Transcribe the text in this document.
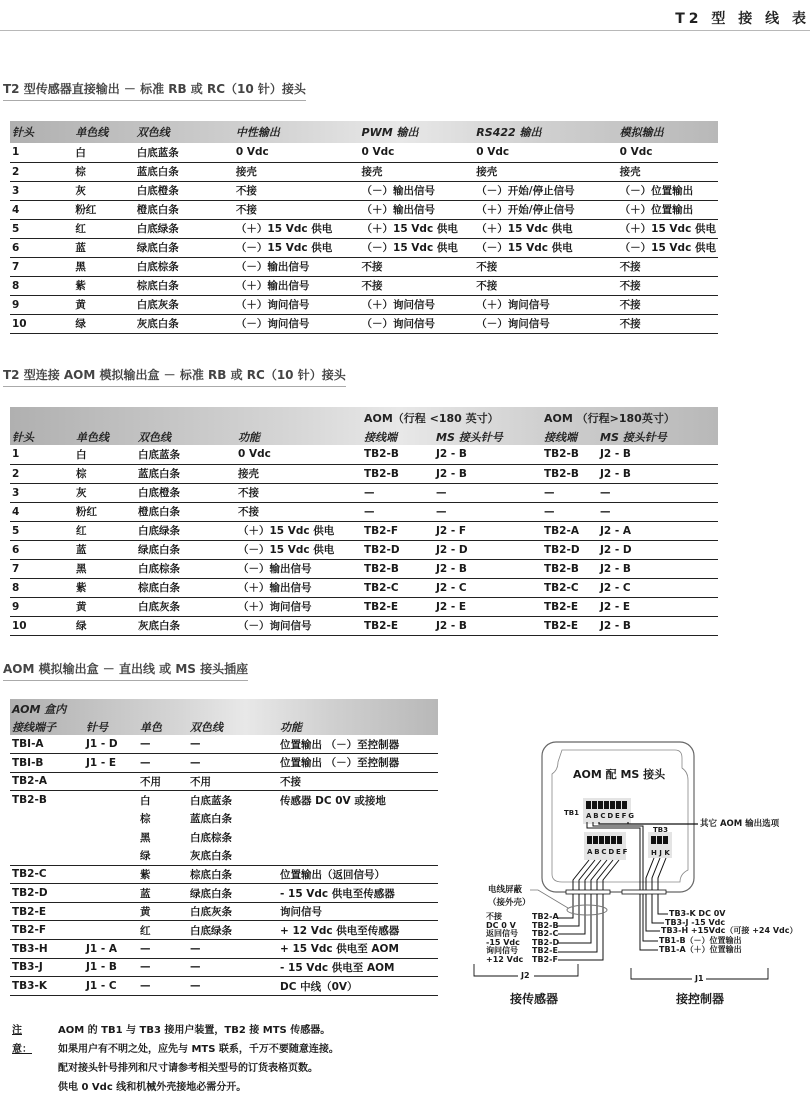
T2 型 接 线 表
T2 型传感器直接输出 － 标准 RB 或 RC（10 针）接头
针头	单色线	双色线	中性输出	PWM 输出	RS422 输出	模拟输出
1	白	白底蓝条	0 Vdc	0 Vdc	0 Vdc	0 Vdc
2	棕	蓝底白条	接壳	接壳	接壳	接壳
3	灰	白底橙条	不接	（－）输出信号	（－）开始/停止信号	（－）位置输出
4	粉红	橙底白条	不接	（＋）输出信号	（＋）开始/停止信号	（＋）位置输出
5	红	白底绿条	（＋）15 Vdc 供电	（＋）15 Vdc 供电	（＋）15 Vdc 供电	（＋）15 Vdc 供电
6	蓝	绿底白条	（－）15 Vdc 供电	（－）15 Vdc 供电	（－）15 Vdc 供电	（－）15 Vdc 供电
7	黑	白底棕条	（－）输出信号	不接	不接	不接
8	紫	棕底白条	（＋）输出信号	不接	不接	不接
9	黄	白底灰条	（＋）询问信号	（＋）询问信号	（＋）询问信号	不接
10	绿	灰底白条	（－）询问信号	（－）询问信号	（－）询问信号	不接
T2 型连接 AOM 模拟输出盒 － 标准 RB 或 RC（10 针）接头
				AOM（行程 <180 英寸）		AOM （行程>180英寸）	
针头	单色线	双色线	功能	接线端	MS 接头针号	接线端	MS 接头针号
1	白	白底蓝条	0 Vdc	TB2-B	J2 - B	TB2-B	J2 - B
2	棕	蓝底白条	接壳	TB2-B	J2 - B	TB2-B	J2 - B
3	灰	白底橙条	不接	—	—	—	—
4	粉红	橙底白条	不接	—	—	—	—
5	红	白底绿条	（＋）15 Vdc 供电	TB2-F	J2 - F	TB2-A	J2 - A
6	蓝	绿底白条	（－）15 Vdc 供电	TB2-D	J2 - D	TB2-D	J2 - D
7	黑	白底棕条	（－）输出信号	TB2-B	J2 - B	TB2-B	J2 - B
8	紫	棕底白条	（＋）输出信号	TB2-C	J2 - C	TB2-C	J2 - C
9	黄	白底灰条	（＋）询问信号	TB2-E	J2 - E	TB2-E	J2 - E
10	绿	灰底白条	（－）询问信号	TB2-E	J2 - B	TB2-E	J2 - B
AOM 模拟输出盒 － 直出线 或 MS 接头插座
AOM 盒内				
接线端子	针号	单色	双色线	功能
TBI-A	J1 - D	—	—	位置输出 （－）至控制器
TBI-B	J1 - E	—	—	位置输出 （－）至控制器
TB2-A		不用	不用	不接
TB2-B		白	白底蓝条	传感器 DC 0V 或接地
		棕	蓝底白条	
		黑	白底棕条	
		绿	灰底白条	
TB2-C		紫	棕底白条	位置输出（返回信号）
TB2-D		蓝	绿底白条	- 15 Vdc 供电至传感器
TB2-E		黄	白底灰条	询问信号
TB2-F		红	白底绿条	+ 12 Vdc 供电至传感器
TB3-H	J1 - A	—	—	+ 15 Vdc 供电至 AOM
TB3-J	J1 - B	—	—	- 15 Vdc 供电至 AOM
TB3-K	J1 - C	—	—	DC 中线（0V）
注意：
AOM 的 TB1 与 TB3 接用户装置，TB2 接 MTS 传感器。
如果用户有不明之处，应先与 MTS 联系，千万不要随意连接。
配对接头针号排列和尺寸请参考相关型号的订货表格页数。
供电 0 Vdc 线和机械外壳接地必需分开。
AOM 配 MS 接头
TB1 A B C D E F G
A B C D E F
TB3
H J K
其它 AOM 输出选项
电线屏蔽
（接外壳）
不接
DC 0 V
返回信号
-15 Vdc
询问信号
+12 Vdc
TB2-A
TB2-B
TB2-C
TB2-D
TB2-E
TB2-F
TB3-K DC 0V
TB3-J -15 Vdc
TB3-H +15Vdc（可接 +24 Vdc）
TB1-B（－）位置输出
TB1-A（＋）位置输出
J2	J1
接传感器	接控制器
